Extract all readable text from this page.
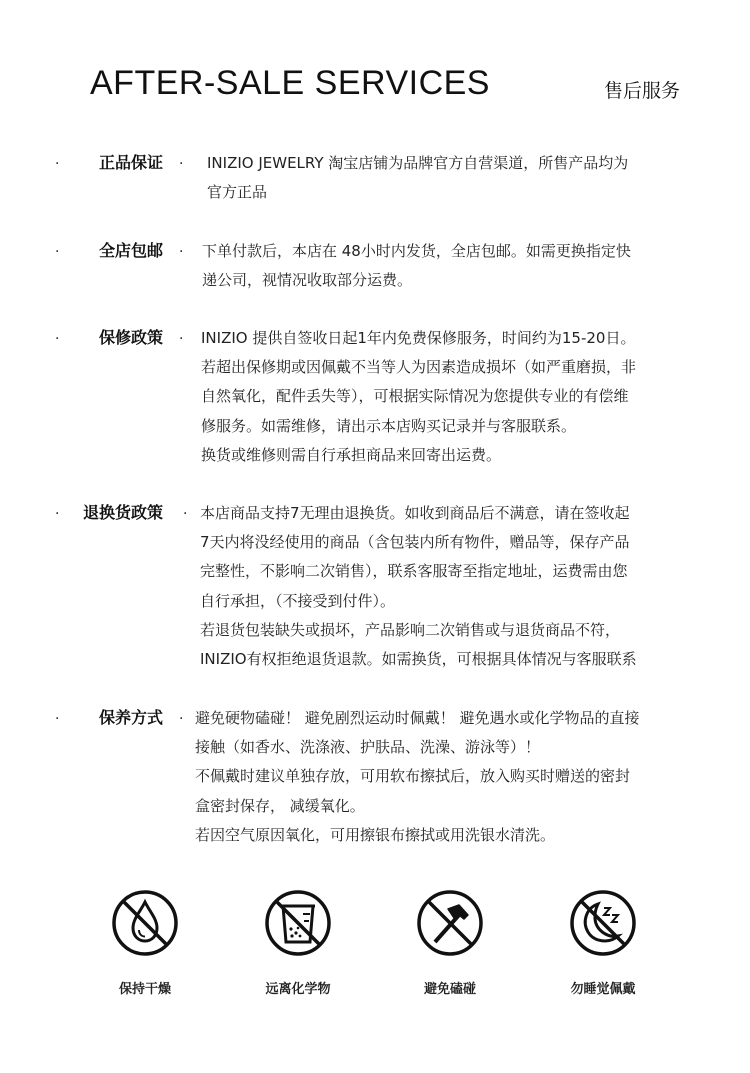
AFTER-SALE SERVICES	售后服务
· 正品保证 · INIZIO JEWELRY 淘宝店铺为品牌官方自营渠道，所售产品均为
官方正品
· 全店包邮 · 下单付款后，本店在 48小时内发货，全店包邮。如需更换指定快
递公司，视情况收取部分运费。
· 保修政策 · INIZIO 提供自签收日起1年内免费保修服务，时间约为15-20日。
若超出保修期或因佩戴不当等人为因素造成损坏（如严重磨损，非
自然氧化，配件丢失等），可根据实际情况为您提供专业的有偿维
修服务。如需维修，请出示本店购买记录并与客服联系。
换货或维修则需自行承担商品来回寄出运费。
· 退换货政策 · 本店商品支持7无理由退换货。如收到商品后不满意，请在签收起
7天内将没经使用的商品（含包装内所有物件，赠品等，保存产品
完整性，不影响二次销售），联系客服寄至指定地址，运费需由您
自行承担，（不接受到付件）。
若退货包装缺失或损坏，产品影响二次销售或与退货商品不符，
INIZIO有权拒绝退货退款。如需换货，可根据具体情况与客服联系
· 保养方式 · 避免硬物磕碰！ 避免剧烈运动时佩戴！ 避免遇水或化学物品的直接
接触（如香水、洗涤液、护肤品、洗澡、游泳等）！
不佩戴时建议单独存放，可用软布擦拭后，放入购买时赠送的密封
盒密封保存， 减缓氧化。
若因空气原因氧化，可用擦银布擦拭或用洗银水清洗。
保持干燥	远离化学物	避免磕碰	勿睡觉佩戴
